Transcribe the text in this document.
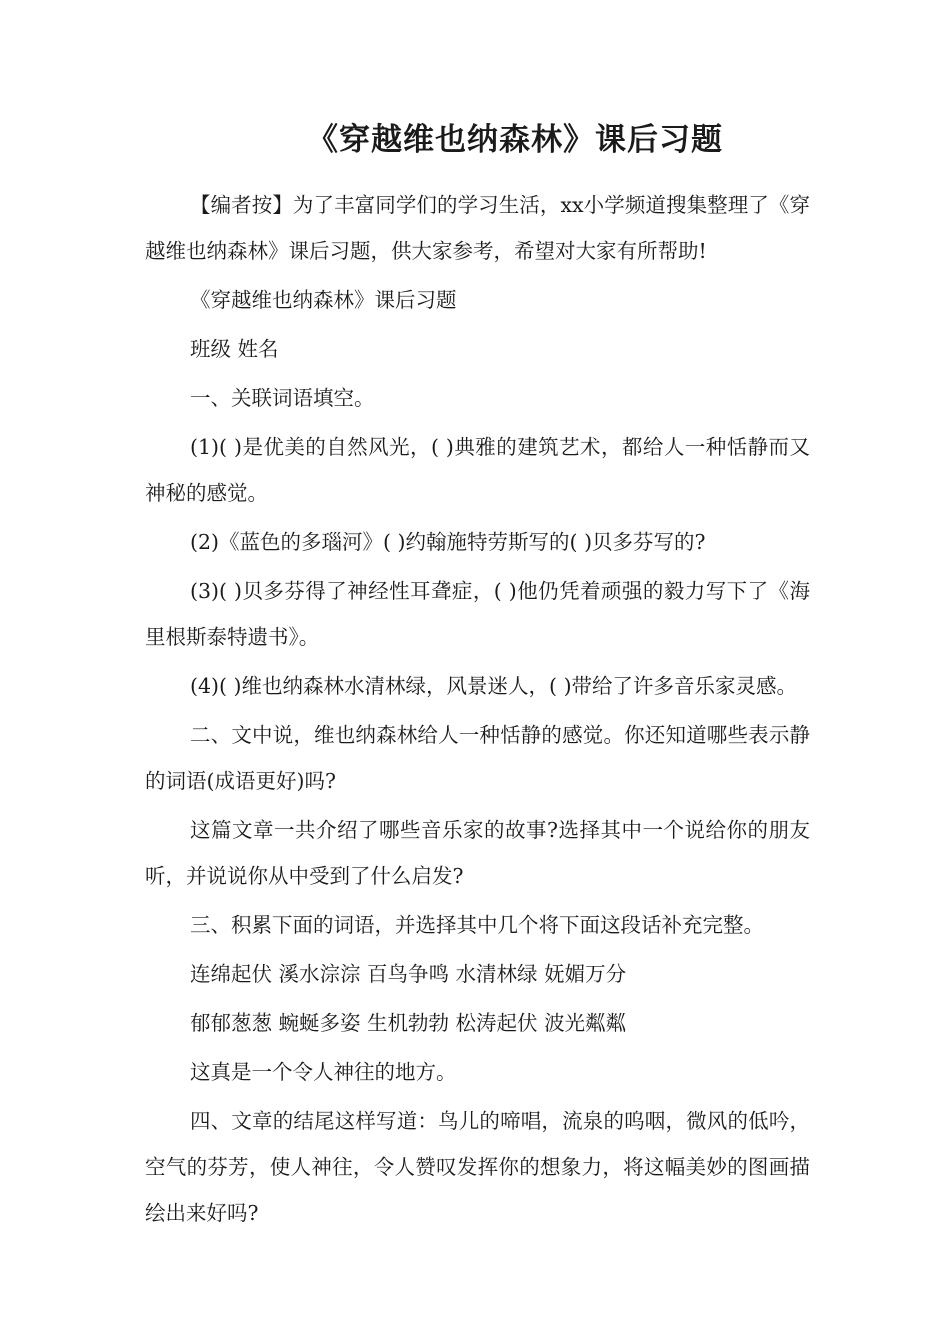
《穿越维也纳森林》课后习题

【编者按】为了丰富同学们的学习生活，xx小学频道搜集整理了《穿越维也纳森林》课后习题，供大家参考，希望对大家有所帮助!

《穿越维也纳森林》课后习题

班级 姓名

一、关联词语填空。

(1)( )是优美的自然风光，( )典雅的建筑艺术，都给人一种恬静而又神秘的感觉。

(2)《蓝色的多瑙河》( )约翰施特劳斯写的( )贝多芬写的?

(3)( )贝多芬得了神经性耳聋症，( )他仍凭着顽强的毅力写下了《海里根斯泰特遗书》。

(4)( )维也纳森林水清林绿，风景迷人，( )带给了许多音乐家灵感。

二、文中说，维也纳森林给人一种恬静的感觉。你还知道哪些表示静的词语(成语更好)吗?

这篇文章一共介绍了哪些音乐家的故事?选择其中一个说给你的朋友听，并说说你从中受到了什么启发?

三、积累下面的词语，并选择其中几个将下面这段话补充完整。

连绵起伏 溪水淙淙 百鸟争鸣 水清林绿 妩媚万分

郁郁葱葱 蜿蜒多姿 生机勃勃 松涛起伏 波光粼粼

这真是一个令人神往的地方。

四、文章的结尾这样写道：鸟儿的啼唱，流泉的呜咽，微风的低吟，空气的芬芳，使人神往，令人赞叹发挥你的想象力，将这幅美妙的图画描绘出来好吗?
